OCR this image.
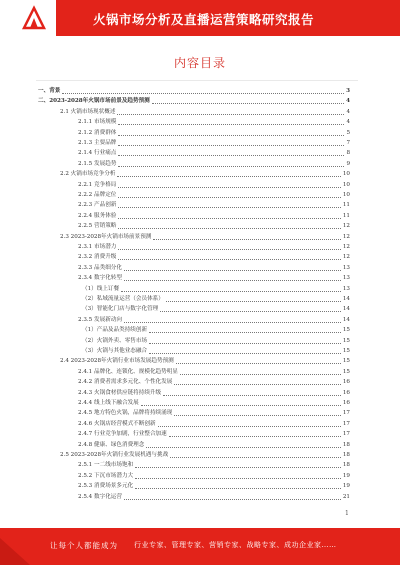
火锅市场分析及直播运营策略研究报告
内容目录
一、背景	3
二、2023-2028年火锅市场前景及趋势预测	4
2.1 火锅市场现状概述	4
2.1.1 市场规模	4
2.1.2 消费群体	5
2.1.3 主要品牌	7
2.1.4 行业痛点	8
2.1.5 发展趋势	9
2.2 火锅市场竞争分析	10
2.2.1 竞争格局	10
2.2.2 品牌定位	10
2.2.3 产品创新	11
2.2.4 服务体验	11
2.2.5 营销策略	12
2.3 2023-2028年火锅市场前景预测	12
2.3.1 市场潜力	12
2.3.2 消费升级	12
2.3.3 品类细分化	13
2.3.4 数字化转型	13
（1）线上订餐	13
（2）私域流量运营（会员体系）	14
（3）智能化门店与数字化管理	14
2.3.5 发展新动向	14
（1）产品及品类持续创新	15
（2）火锅外卖、零售市场	15
（3）火锅与其他业态融合	15
2.4 2023-2028年火锅行业市场发展趋势预测	15
2.4.1 品牌化、连锁化、规模化趋势明显	15
2.4.2 消费者需求多元化、个性化发展	16
2.4.3 火锅食材供应链将持续升级	16
2.4.4 线上线下融合发展	16
2.4.5 地方特色火锅，品牌将持续涌现	17
2.4.6 火锅店经营模式不断创新	17
2.4.7 行业竞争加剧，行业整合加速	17
2.4.8 健康、绿色消费理念	18
2.5 2023-2028年火锅行业发展机遇与挑战	18
2.5.1 一二线市场饱和	18
2.5.2 下沉市场潜力大	19
2.5.3 消费场景多元化	19
2.5.4 数字化运营	21
1
让每个人都能成为 行业专家、管理专家、营销专家、战略专家、成功企业家……
